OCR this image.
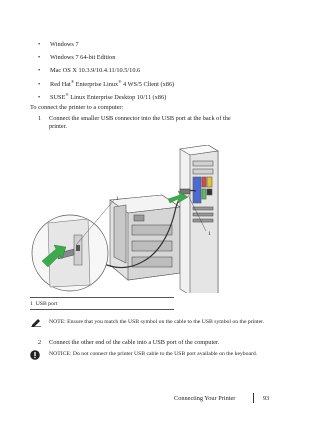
• Windows 7
• Windows 7 64-bit Edition
• Mac OS X 10.3.9/10.4.11/10.5/10.6
• Red Hat® Enterprise Linux® 4 WS/5 Client (x86)
• SUSE® Linux Enterprise Desktop 10/11 (x86)
To connect the printer to a computer:
1 Connect the smaller USB connector into the USB port at the back of the printer.
1
1
1 USB port
NOTE: Ensure that you match the USB symbol on the cable to the USB symbol on the printer.
2 Connect the other end of the cable into a USB port of the computer.
NOTICE: Do not connect the printer USB cable to the USB port available on the keyboard.
Connecting Your Printer	93
